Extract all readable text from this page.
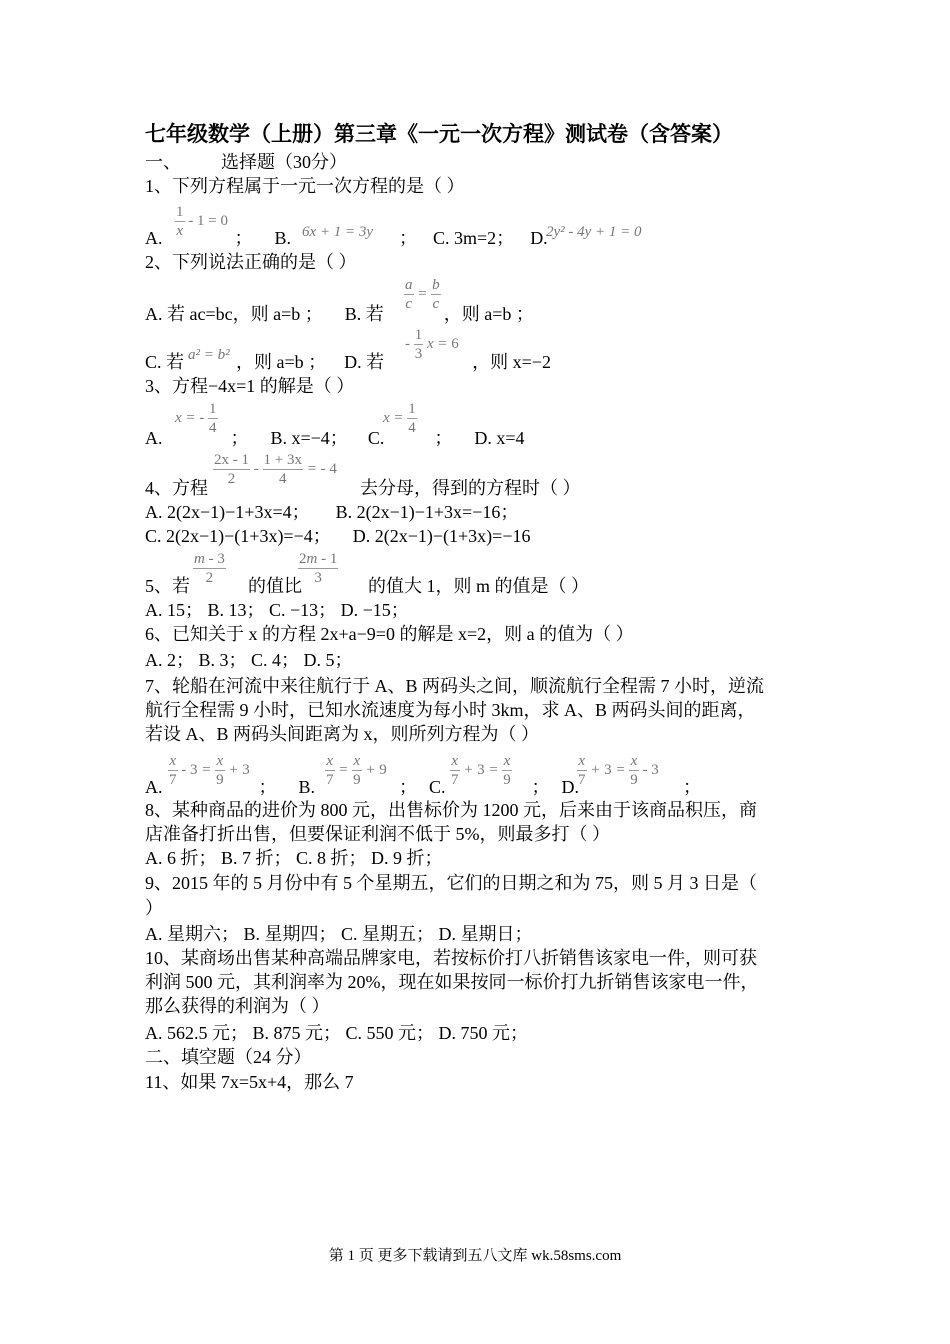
七年级数学（上册）第三章《一元一次方程》测试卷（含答案）
一、 选择题（30分）
1、下列方程属于一元一次方程的是（ ）
$\frac{1}{x} - 1 = 0$
A.	； B.	； C. 3m=2； D.
6x + 1 = 3y	2y² - 4y + 1 = 0
2、下列说法正确的是（ ）
A. 若 ac=bc，则 a=b ； B. 若	，则 a=b ；
$\frac{a}{c} = \frac{b}{c}$
C. 若	，则 a=b ； D. 若	，则 x=−2
a² = b²
- $\frac{1}{3}$ x = 6
3、方程−4x=1 的解是（ ）
A.	； B. x=−4； C.	； D. x=4
x = - $\frac{1}{4}$	$x = \frac{1}{4}$
$\frac{2x - 1}{2} - \frac{1 + 3x}{4}$ = - 4
4、方程	去分母，得到的方程时（ ）
A. 2(2x−1)−1+3x=4； B. 2(2x−1)−1+3x=−16；
C. 2(2x−1)−(1+3x)=−4； D. 2(2x−1)−(1+3x)=−16
$\frac{m - 3}{2}$	$\frac{2m - 1}{3}$
5、若	的值比	的值大 1，则 m 的值是（ ）
A. 15； B. 13； C. −13； D. −15；
6、已知关于 x 的方程 2x+a−9=0 的解是 x=2，则 a 的值为（ ）
A. 2； B. 3； C. 4； D. 5；
7、轮船在河流中来往航行于 A、B 两码头之间，顺流航行全程需 7 小时，逆流
航行全程需 9 小时，已知水流速度为每小时 3km，求 A、B 两码头间的距离，
若设 A、B 两码头间距离为 x，则所列方程为（ ）
A.	； B.	； C.	； D.	；
$\frac{x}{7} - 3 = \frac{x}{9} + 3$	$\frac{x}{7} = \frac{x}{9} + 9$	$\frac{x}{7} + 3 = \frac{x}{9}$	$\frac{x}{7} + 3 = \frac{x}{9} - 3$
8、某种商品的进价为 800 元，出售标价为 1200 元，后来由于该商品积压，商
店准备打折出售，但要保证利润不低于 5%，则最多打（ ）
A. 6 折； B. 7 折； C. 8 折； D. 9 折；
9、2015 年的 5 月份中有 5 个星期五，它们的日期之和为 75，则 5 月 3 日是（
）
A. 星期六； B. 星期四； C. 星期五； D. 星期日；
10、某商场出售某种高端品牌家电，若按标价打八折销售该家电一件，则可获
利润 500 元，其利润率为 20%，现在如果按同一标价打九折销售该家电一件，
那么获得的利润为（ ）
A. 562.5 元； B. 875 元； C. 550 元； D. 750 元；
二、填空题（24 分）
11、如果 7x=5x+4，那么 7
第 1 页 更多下载请到五八文库 wk.58sms.com
